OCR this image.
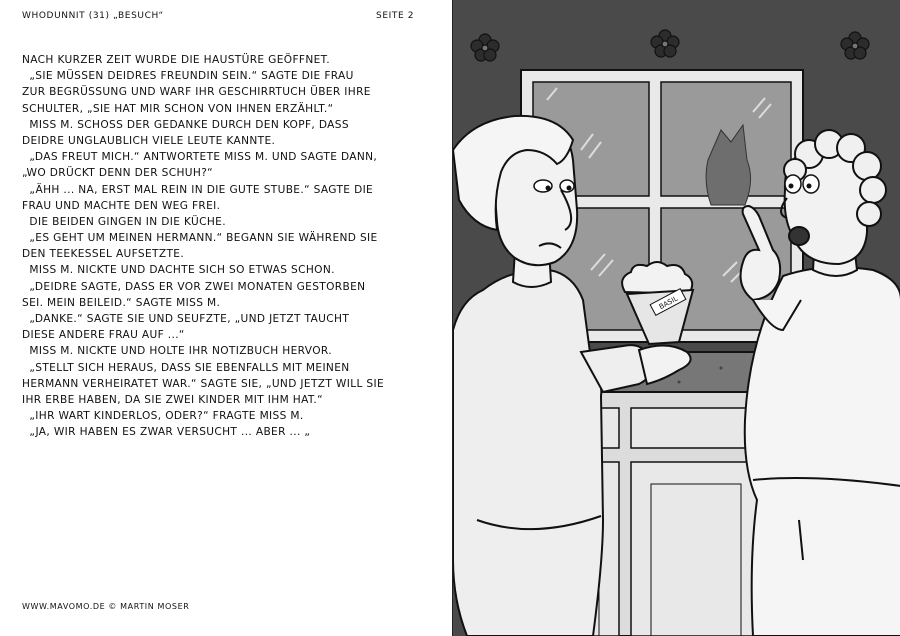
WHODUNNIT (31) „BESUCH“	SEITE 2
NACH KURZER ZEIT WURDE DIE HAUSTÜRE GEÖFFNET.
„SIE MÜSSEN DEIDRES FREUNDIN SEIN.“ SAGTE DIE FRAU
ZUR BEGRÜSSUNG UND WARF IHR GESCHIRRTUCH ÜBER IHRE
SCHULTER, „SIE HAT MIR SCHON VON IHNEN ERZÄHLT.“
MISS M. SCHOSS DER GEDANKE DURCH DEN KOPF, DASS
DEIDRE UNGLAUBLICH VIELE LEUTE KANNTE.
„DAS FREUT MICH.“ ANTWORTETE MISS M. UND SAGTE DANN,
„WO DRÜCKT DENN DER SCHUH?“
„ÄHH ... NA, ERST MAL REIN IN DIE GUTE STUBE.“ SAGTE DIE
FRAU UND MACHTE DEN WEG FREI.
DIE BEIDEN GINGEN IN DIE KÜCHE.
„ES GEHT UM MEINEN HERMANN.“ BEGANN SIE WÄHREND SIE
DEN TEEKESSEL AUFSETZTE.
MISS M. NICKTE UND DACHTE SICH SO ETWAS SCHON.
„DEIDRE SAGTE, DASS ER VOR ZWEI MONATEN GESTORBEN
SEI. MEIN BEILEID.“ SAGTE MISS M.
„DANKE.“ SAGTE SIE UND SEUFZTE, „UND JETZT TAUCHT
DIESE ANDERE FRAU AUF ...“
MISS M. NICKTE UND HOLTE IHR NOTIZBUCH HERVOR.
„STELLT SICH HERAUS, DASS SIE EBENFALLS MIT MEINEN
HERMANN VERHEIRATET WAR.“ SAGTE SIE, „UND JETZT WILL SIE
IHR ERBE HABEN, DA SIE ZWEI KINDER MIT IHM HAT.“
„IHR WART KINDERLOS, ODER?“ FRAGTE MISS M.
„JA, WIR HABEN ES ZWAR VERSUCHT ... ABER ... „
WWW.MAVOMO.DE © MARTIN MOSER
BASIL
